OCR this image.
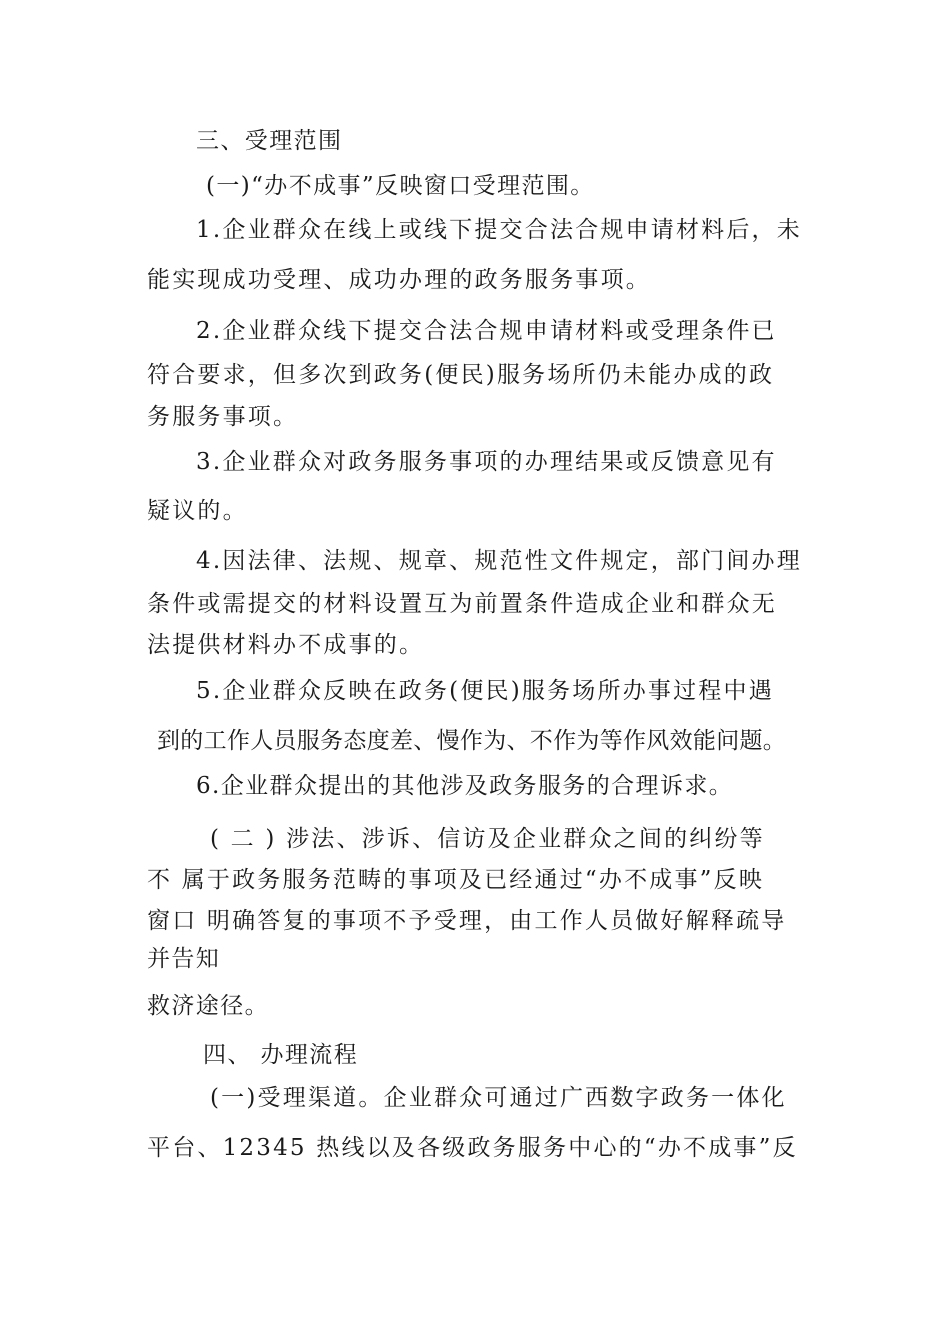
三、受理范围
(一)“办不成事”反映窗口受理范围。
1.企业群众在线上或线下提交合法合规申请材料后，未
能实现成功受理、成功办理的政务服务事项。
2.企业群众线下提交合法合规申请材料或受理条件已
符合要求，但多次到政务(便民)服务场所仍未能办成的政
务服务事项。
3.企业群众对政务服务事项的办理结果或反馈意见有
疑议的。
4.因法律、法规、规章、规范性文件规定，部门间办理
条件或需提交的材料设置互为前置条件造成企业和群众无
法提供材料办不成事的。
5.企业群众反映在政务(便民)服务场所办事过程中遇
到的工作人员服务态度差、慢作为、不作为等作风效能问题。
6.企业群众提出的其他涉及政务服务的合理诉求。
( 二 ) 涉法、涉诉、信访及企业群众之间的纠纷等
不 属于政务服务范畴的事项及已经通过“办不成事”反映
窗口 明确答复的事项不予受理，由工作人员做好解释疏导
并告知
救济途径。
四、 办理流程
(一)受理渠道。企业群众可通过广西数字政务一体化
平台、12345 热线以及各级政务服务中心的“办不成事”反
